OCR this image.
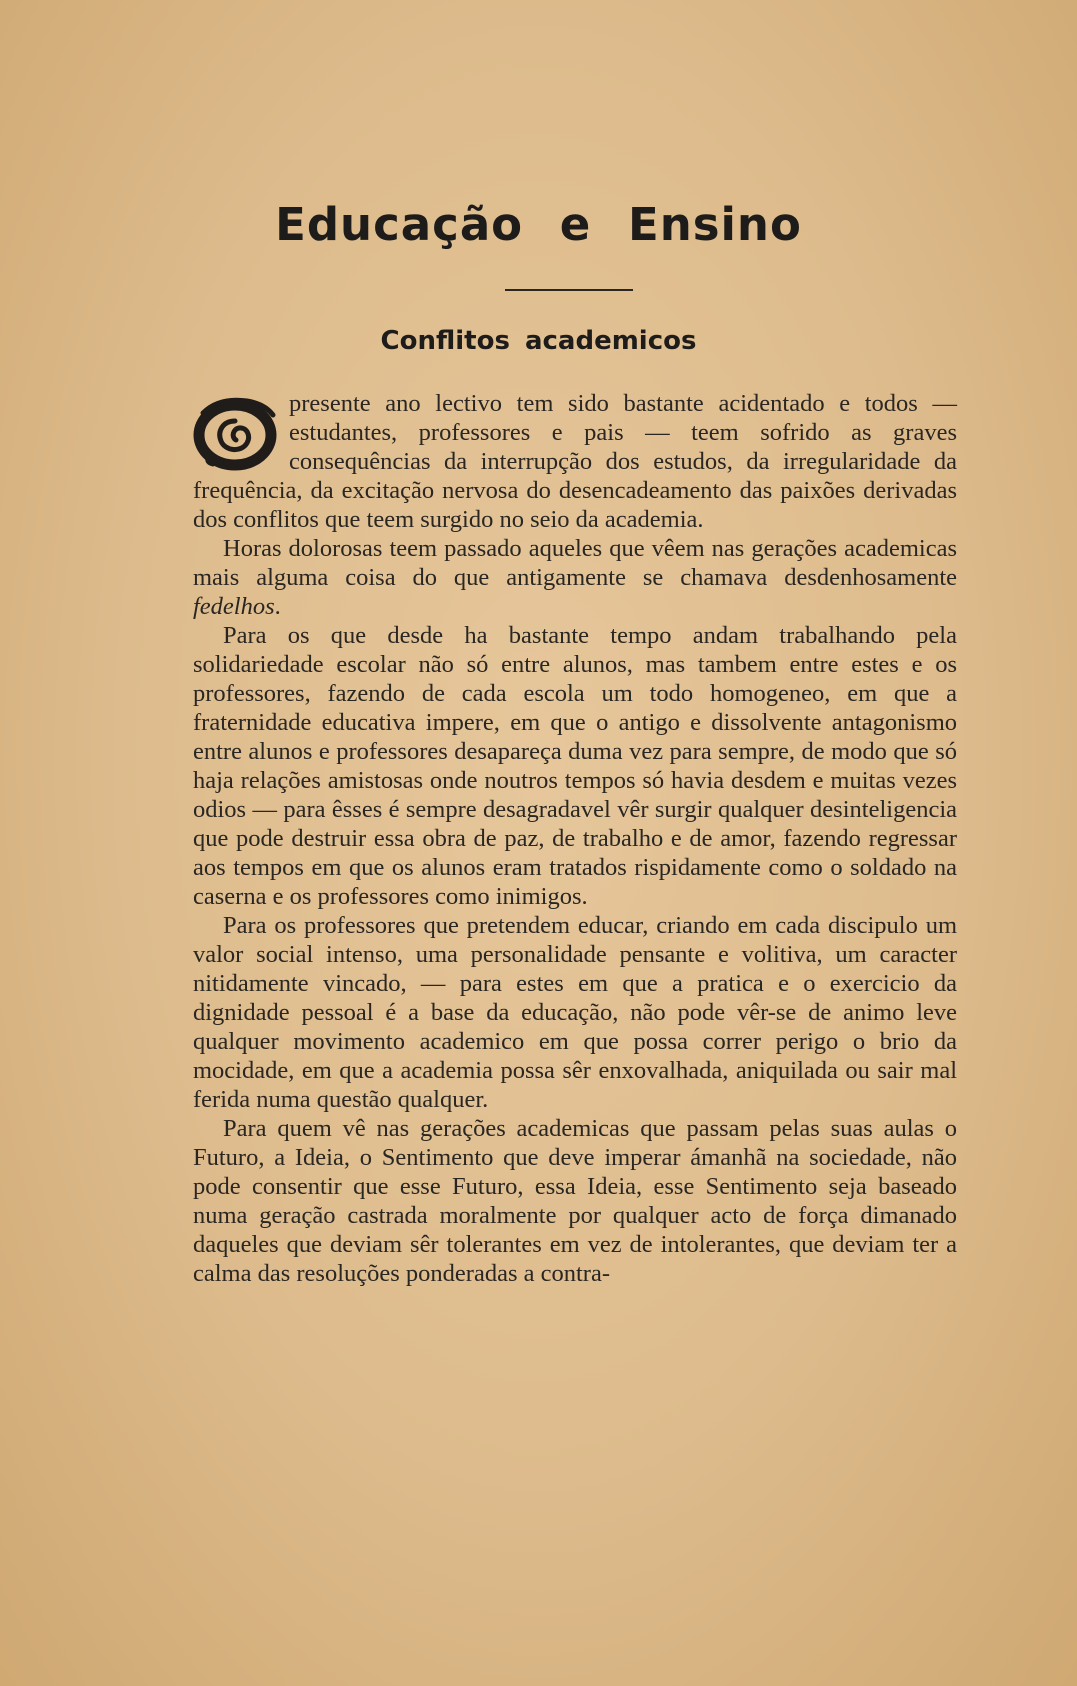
Educação e Ensino
Conflitos academicos

presente ano lectivo tem sido bastante acidentado e todos — estudantes, professores e pais — teem sofrido as graves consequências da interrupção dos estudos, da irregularidade da frequência, da excitação nervosa do desencadeamento das paixões derivadas dos conflitos que teem surgido no seio da academia.

Horas dolorosas teem passado aqueles que vêem nas gerações academicas mais alguma coisa do que antigamente se chamava desdenhosamente fedelhos.

Para os que desde ha bastante tempo andam trabalhando pela solidariedade escolar não só entre alunos, mas tambem entre estes e os professores, fazendo de cada escola um todo homogeneo, em que a fraternidade educativa impere, em que o antigo e dissolvente antagonismo entre alunos e professores desapareça duma vez para sempre, de modo que só haja relações amistosas onde noutros tempos só havia desdem e muitas vezes odios — para êsses é sempre desagradavel vêr surgir qualquer desinteligencia que pode destruir essa obra de paz, de trabalho e de amor, fazendo regressar aos tempos em que os alunos eram tratados rispidamente como o soldado na caserna e os professores como inimigos.

Para os professores que pretendem educar, criando em cada discipulo um valor social intenso, uma personalidade pensante e volitiva, um caracter nitidamente vincado, — para estes em que a pratica e o exercicio da dignidade pessoal é a base da educação, não pode vêr-se de animo leve qualquer movimento academico em que possa correr perigo o brio da mocidade, em que a academia possa sêr enxovalhada, aniquilada ou sair mal ferida numa questão qualquer.

Para quem vê nas gerações academicas que passam pelas suas aulas o Futuro, a Ideia, o Sentimento que deve imperar ámanhã na sociedade, não pode consentir que esse Futuro, essa Ideia, esse Sentimento seja baseado numa geração castrada moralmente por qualquer acto de força dimanado daqueles que deviam sêr tolerantes em vez de intolerantes, que deviam ter a calma das resoluções ponderadas a contra-
